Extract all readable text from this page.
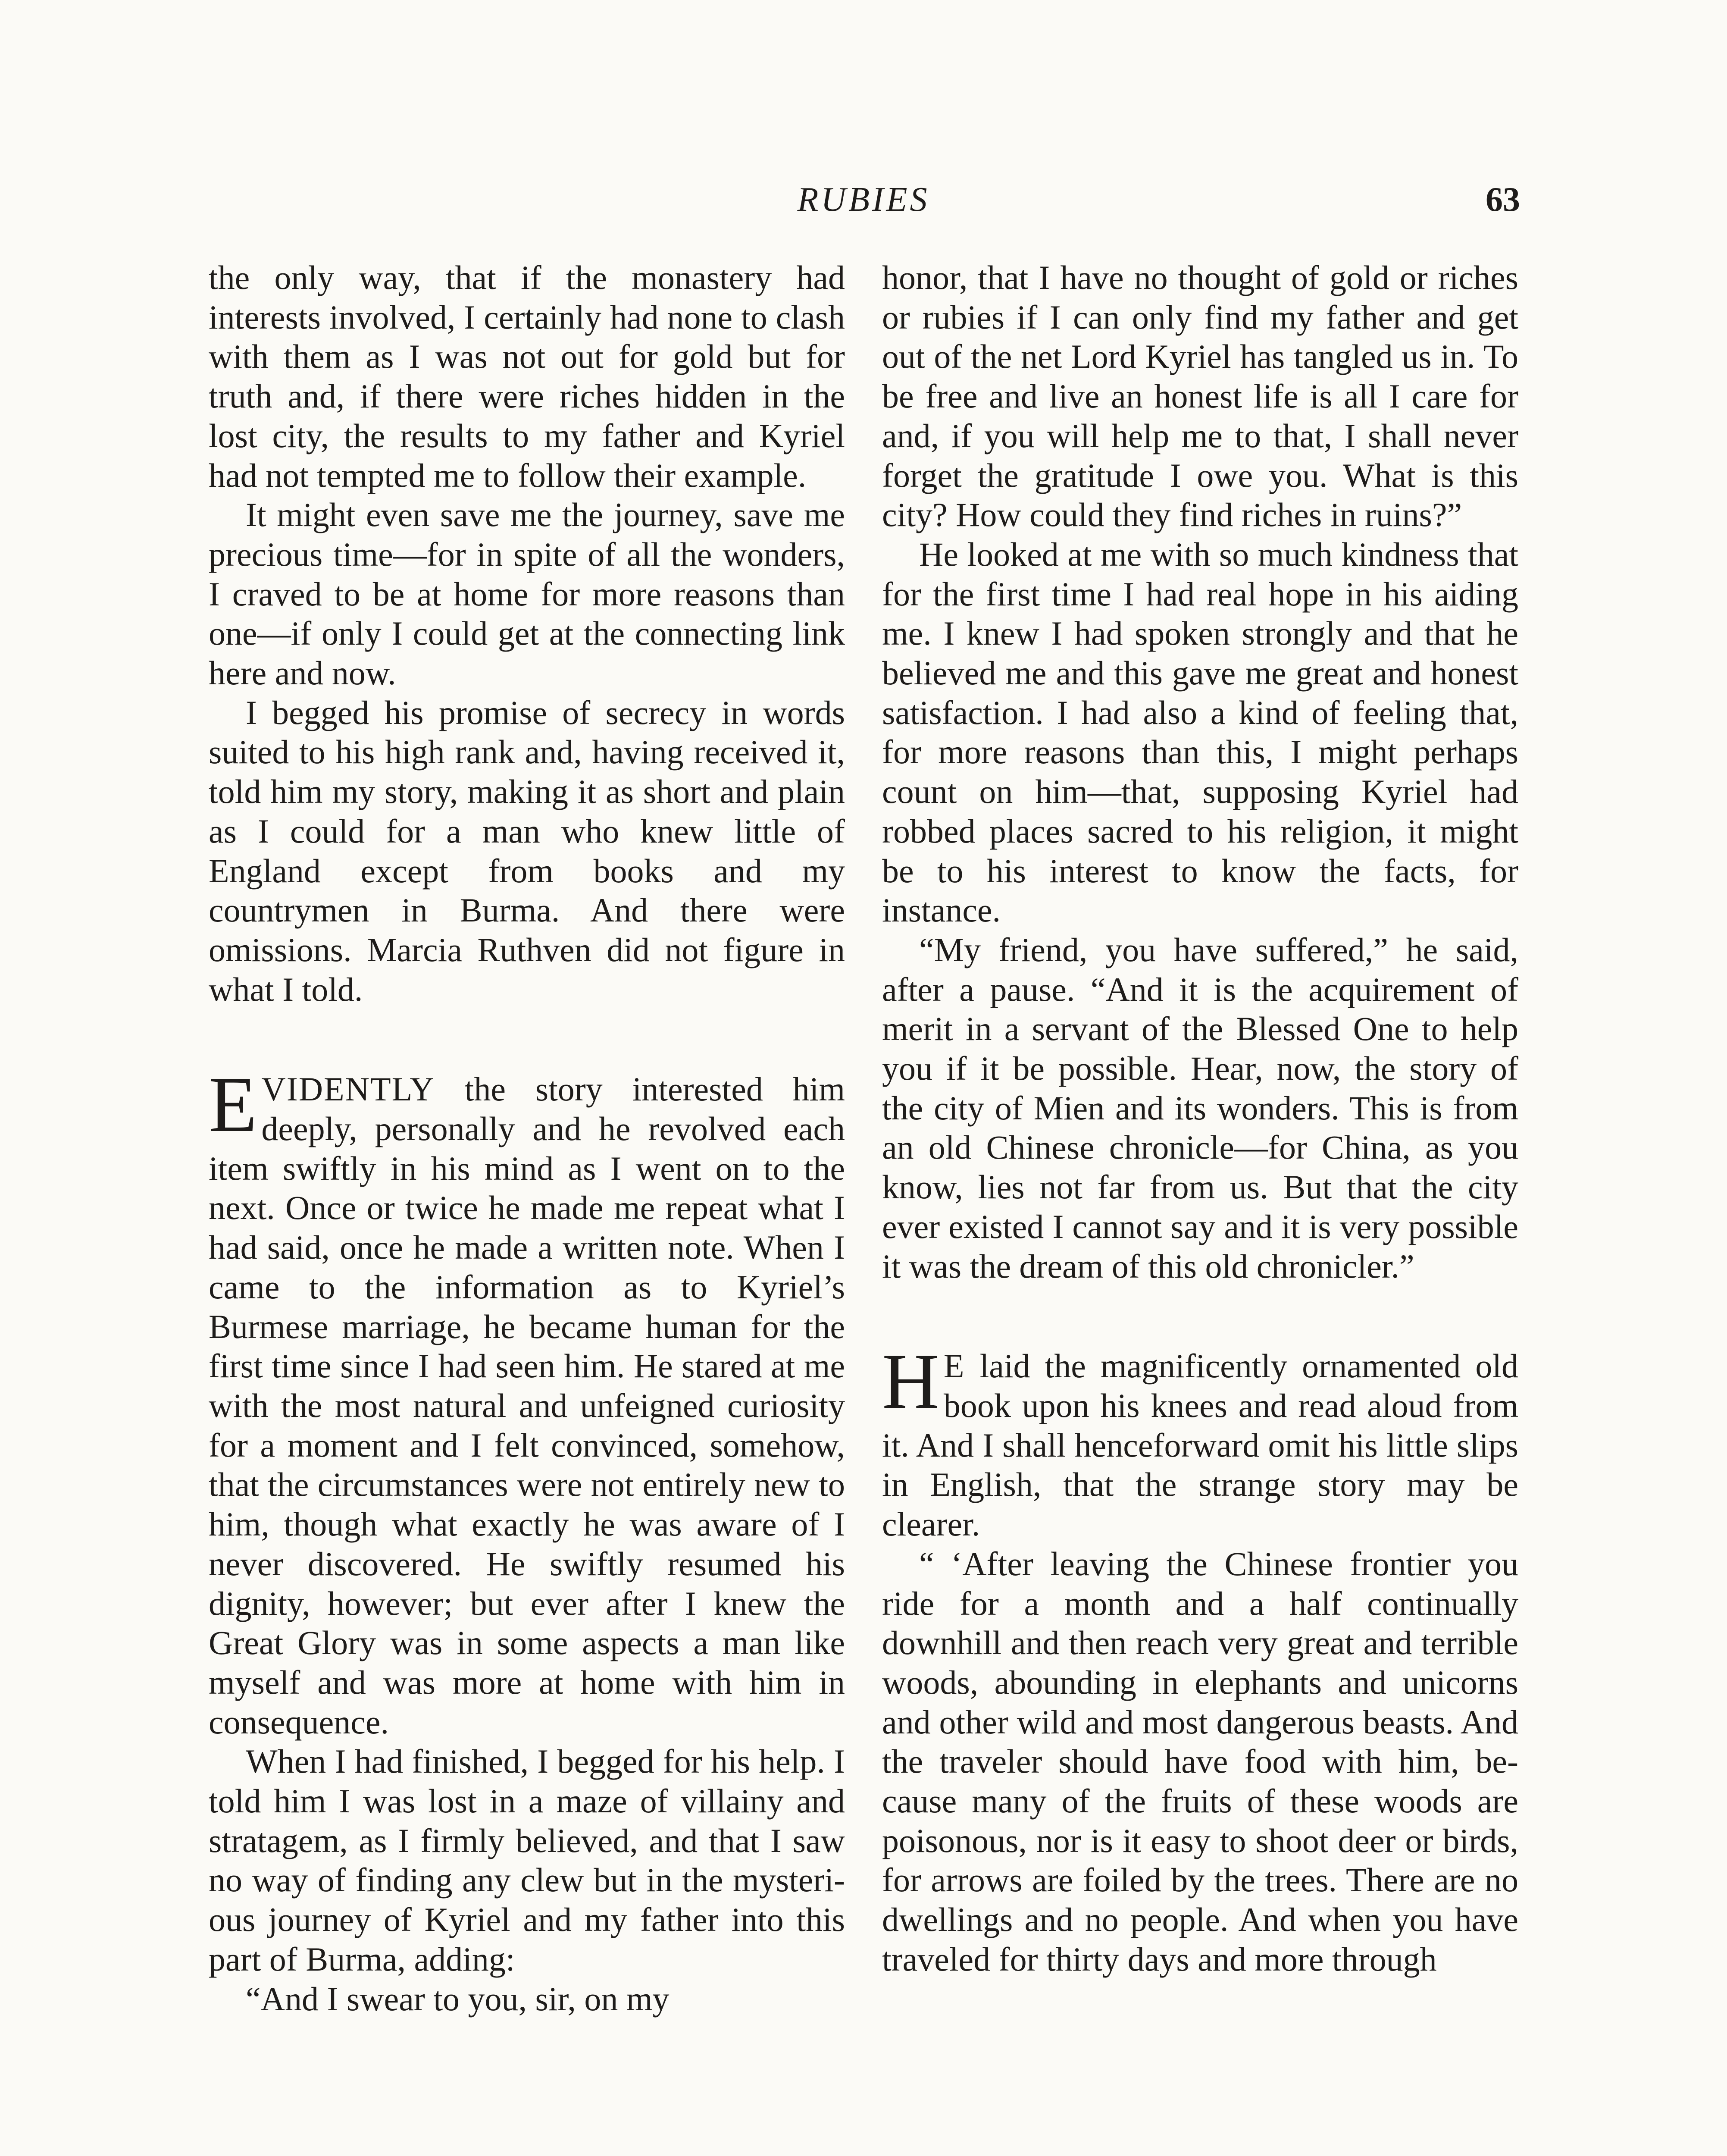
RUBIES	63

the only way, that if the monastery had interests involved, I certainly had none to clash with them as I was not out for gold but for truth and, if there were riches hidden in the lost city, the results to my father and Kyriel had not tempted me to follow their example.

It might even save me the journey, save me precious time—for in spite of all the wonders, I craved to be at home for more reasons than one—if only I could get at the connecting link here and now.

I begged his promise of secrecy in words suited to his high rank and, having received it, told him my story, making it as short and plain as I could for a man who knew little of England except from books and my countrymen in Burma. And there were omissions. Marcia Ruthven did not figure in what I told.

EVIDENTLY the story interested him deeply, personally and he revolved each item swiftly in his mind as I went on to the next. Once or twice he made me repeat what I had said, once he made a written note. When I came to the information as to Kyriel’s Burmese marriage, he became human for the first time since I had seen him. He stared at me with the most natural and unfeigned curiosity for a moment and I felt convinced, somehow, that the circumstances were not entirely new to him, though what exactly he was aware of I never discovered. He swiftly resumed his dignity, however; but ever after I knew the Great Glory was in some aspects a man like myself and was more at home with him in consequence.

When I had finished, I begged for his help. I told him I was lost in a maze of villainy and stratagem, as I firmly believed, and that I saw no way of finding any clew but in the mysterious journey of Kyriel and my father into this part of Burma, adding:

“And I swear to you, sir, on my

honor, that I have no thought of gold or riches or rubies if I can only find my father and get out of the net Lord Kyriel has tangled us in. To be free and live an honest life is all I care for and, if you will help me to that, I shall never forget the gratitude I owe you. What is this city? How could they find riches in ruins?”

He looked at me with so much kindness that for the first time I had real hope in his aiding me. I knew I had spoken strongly and that he believed me and this gave me great and honest satisfaction. I had also a kind of feeling that, for more reasons than this, I might perhaps count on him—that, supposing Kyriel had robbed places sacred to his religion, it might be to his interest to know the facts, for instance.

“My friend, you have suffered,” he said, after a pause. “And it is the acquirement of merit in a servant of the Blessed One to help you if it be possible. Hear, now, the story of the city of Mien and its wonders. This is from an old Chinese chronicle—for China, as you know, lies not far from us. But that the city ever existed I cannot say and it is very possible it was the dream of this old chronicler.”

H E laid the magnificently ornamented old book upon his knees and read aloud from it. And I shall henceforward omit his little slips in English, that the strange story may be clearer.

“ ‘After leaving the Chinese frontier you ride for a month and a half continually downhill and then reach very great and terrible woods, abounding in elephants and unicorns and other wild and most dangerous beasts. And the traveler should have food with him, because many of the fruits of these woods are poisonous, nor is it easy to shoot deer or birds, for arrows are foiled by the trees. There are no dwellings and no people. And when you have traveled for thirty days and more through
